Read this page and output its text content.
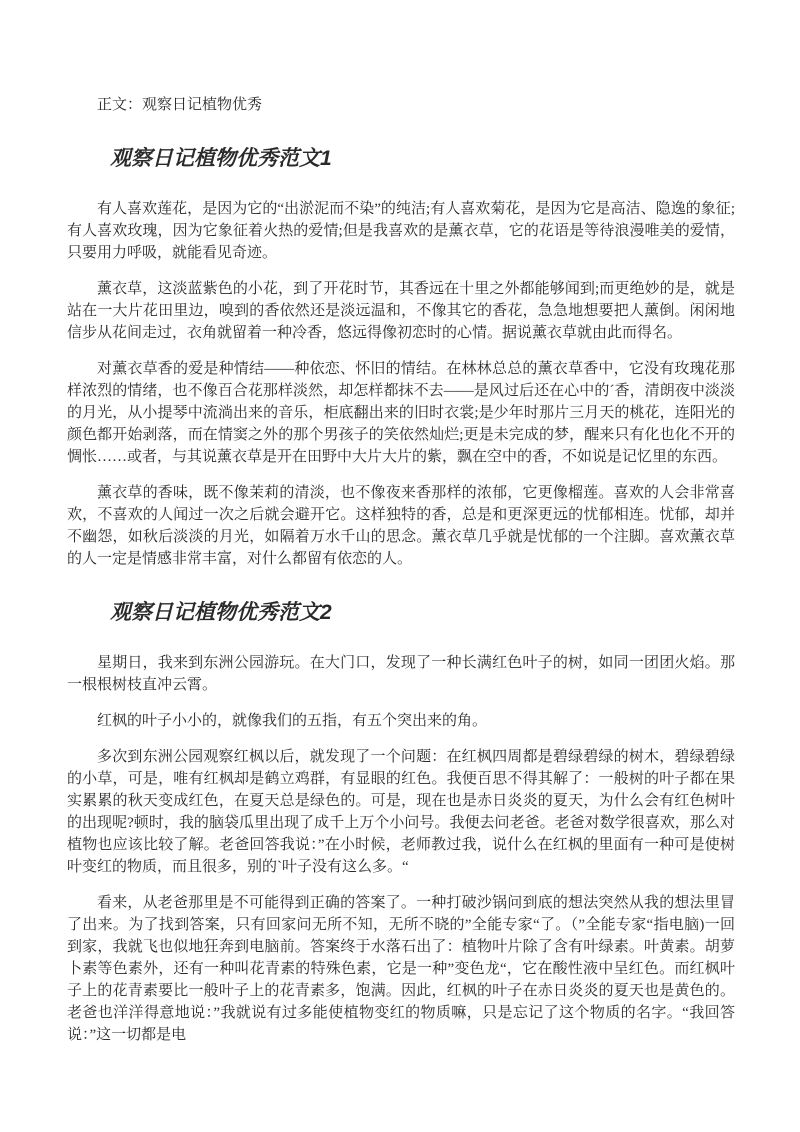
正文：观察日记植物优秀

观察日记植物优秀范文1

有人喜欢莲花，是因为它的“出淤泥而不染”的纯洁;有人喜欢菊花，是因为它是高洁、隐逸的象征;有人喜欢玫瑰，因为它象征着火热的爱情;但是我喜欢的是薰衣草，它的花语是等待浪漫唯美的爱情，只要用力呼吸，就能看见奇迹。

薰衣草，这淡蓝紫色的小花，到了开花时节，其香远在十里之外都能够闻到;而更绝妙的是，就是站在一大片花田里边，嗅到的香依然还是淡远温和，不像其它的香花，急急地想要把人薰倒。闲闲地信步从花间走过，衣角就留着一种冷香，悠远得像初恋时的心情。据说薰衣草就由此而得名。

对薰衣草香的爱是种情结——种依恋、怀旧的情结。在林林总总的薰衣草香中，它没有玫瑰花那样浓烈的情绪，也不像百合花那样淡然，却怎样都抹不去——是风过后还在心中的ˊ香，清朗夜中淡淡的月光，从小提琴中流淌出来的音乐，柜底翻出来的旧时衣裳;是少年时那片三月天的桃花，连阳光的颜色都开始剥落，而在情窦之外的那个男孩子的笑依然灿烂;更是未完成的梦，醒来只有化也化不开的惆怅……或者，与其说薰衣草是开在田野中大片大片的紫，飘在空中的香，不如说是记忆里的东西。

薰衣草的香味，既不像茉莉的清淡，也不像夜来香那样的浓郁，它更像榴莲。喜欢的人会非常喜欢，不喜欢的人闻过一次之后就会避开它。这样独特的香，总是和更深更远的忧郁相连。忧郁，却并不幽怨，如秋后淡淡的月光，如隔着万水千山的思念。薰衣草几乎就是忧郁的一个注脚。喜欢薰衣草的人一定是情感非常丰富，对什么都留有依恋的人。

观察日记植物优秀范文2

星期日，我来到东洲公园游玩。在大门口，发现了一种长满红色叶子的树，如同一团团火焰。那一根根树枝直冲云霄。

红枫的叶子小小的，就像我们的五指，有五个突出来的角。

多次到东洲公园观察红枫以后，就发现了一个问题：在红枫四周都是碧绿碧绿的树木，碧绿碧绿的小草，可是，唯有红枫却是鹤立鸡群，有显眼的红色。我便百思不得其解了：一般树的叶子都在果实累累的秋天变成红色，在夏天总是绿色的。可是，现在也是赤日炎炎的夏天，为什么会有红色树叶的出现呢?顿时，我的脑袋瓜里出现了成千上万个小问号。我便去问老爸。老爸对数学很喜欢，那么对植物也应该比较了解。老爸回答我说：”在小时候，老师教过我，说什么在红枫的里面有一种可是使树叶变红的物质，而且很多，别的`叶子没有这么多。“

看来，从老爸那里是不可能得到正确的答案了。一种打破沙锅问到底的想法突然从我的想法里冒了出来。为了找到答案，只有回家问无所不知，无所不晓的”全能专家“了。（”全能专家“指电脑)一回到家，我就飞也似地狂奔到电脑前。答案终于水落石出了：植物叶片除了含有叶绿素。叶黄素。胡萝卜素等色素外，还有一种叫花青素的特殊色素，它是一种”变色龙“，它在酸性液中呈红色。而红枫叶子上的花青素要比一般叶子上的花青素多，饱满。因此，红枫的叶子在赤日炎炎的夏天也是黄色的。老爸也洋洋得意地说：”我就说有过多能使植物变红的物质嘛，只是忘记了这个物质的名字。“我回答说：”这一切都是电
